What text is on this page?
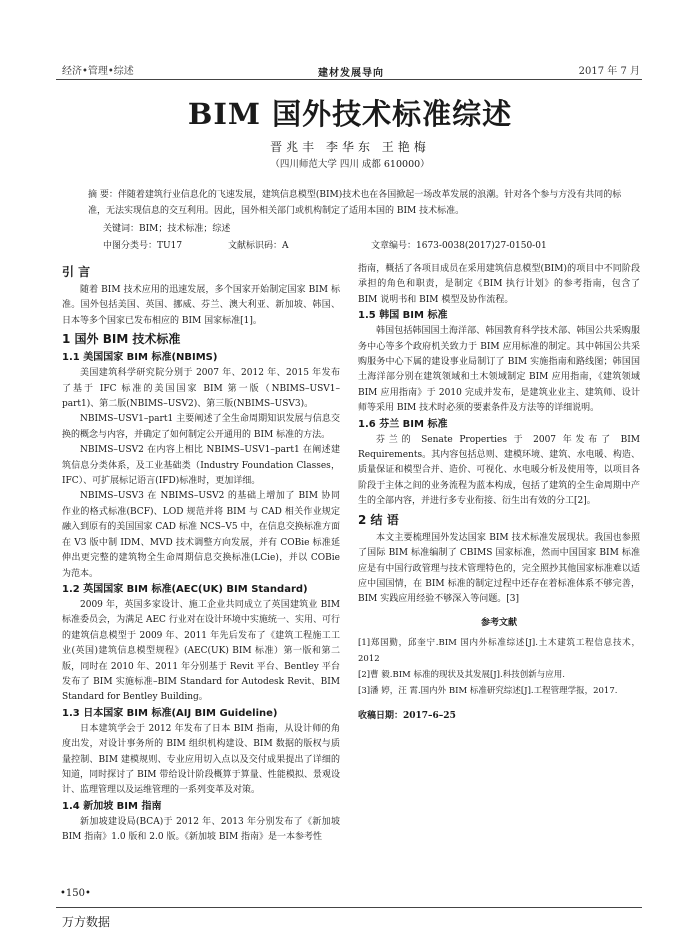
经济•管理•综述	建材发展导向	2017 年 7 月
BIM 国外技术标准综述
晋兆丰 李华东 王艳梅
（四川师范大学 四川 成都 610000）
摘 要：伴随着建筑行业信息化的飞速发展，建筑信息模型(BIM)技术也在各国掀起一场改革发展的浪潮。针对各个参与方没有共同的标准，无法实现信息的交互利用。因此，国外相关部门或机构制定了适用本国的 BIM 技术标准。
关键词：BIM；技术标准；综述
中图分类号：TU17	文献标识码：A	文章编号：1673-0038(2017)27-0150-01
引 言

随着 BIM 技术应用的迅速发展，多个国家开始制定国家 BIM 标准。国外包括美国、英国、挪威、芬兰、澳大利亚、新加坡、韩国、日本等多个国家已发布相应的 BIM 国家标准[1]。

1 国外 BIM 技术标准
1.1 美国国家 BIM 标准(NBIMS)

美国建筑科学研究院分别于 2007 年、2012 年、2015 年发布了基于 IFC 标准的美国国家 BIM 第一版（NBIMS–USV1–part1)、第二版(NBIMS–USV2)、第三版(NBIMS–USV3)。

NBIMS–USV1–part1 主要阐述了全生命周期知识发展与信息交换的概念与内容，并确定了如何制定公开通用的 BIM 标准的方法。

NBIMS–USV2 在内容上相比 NBIMS–USV1–part1 在阐述建筑信息分类体系，及工业基础类（Industry Foundation Classes，IFC）、可扩展标记语言(IFD)标准时，更加详细。

NBIMS–USV3 在 NBIMS–USV2 的基础上增加了 BIM 协同作业的格式标准(BCF)、LOD 规范并将 BIM 与 CAD 相关作业规定融入到原有的美国国家 CAD 标准 NCS–V5 中，在信息交换标准方面在 V3 版中制 IDM、MVD 技术调整方向发展，并有 COBie 标准延伸出更完整的建筑物全生命周期信息交换标准(LCie)，并以 COBie 为范本。

1.2 英国国家 BIM 标准(AEC(UK) BIM Standard)

2009 年，英国多家设计、施工企业共同成立了英国建筑业 BIM 标准委员会，为满足 AEC 行业对在设计环境中实施统一、实用、可行的建筑信息模型于 2009 年、2011 年先后发布了《建筑工程施工工业(英国)建筑信息模型规程》(AEC(UK) BIM 标准）第一版和第二版，同时在 2010 年、2011 年分别基于 Revit 平台、Bentley 平台发布了 BIM 实施标准–BIM Standard for Autodesk Revit、BIM Standard for Bentley Building。

1.3 日本国家 BIM 标准(AIJ BIM Guideline)

日本建筑学会于 2012 年发布了日本 BIM 指南，从设计师的角度出发，对设计事务所的 BIM 组织机构建设、BIM 数据的版权与质量控制、BIM 建模规则、专业应用切入点以及交付成果提出了详细的知道，同时探讨了 BIM 带给设计阶段概算于算量、性能模拟、景观设计、监理管理以及运维管理的一系列变革及对策。

1.4 新加坡 BIM 指南

新加坡建设局(BCA)于 2012 年、2013 年分别发布了《新加坡 BIM 指南》1.0 版和 2.0 版。《新加坡 BIM 指南》是一本参考性

指南，概括了各项目成员在采用建筑信息模型(BIM)的项目中不同阶段承担的角色和职责，是制定《BIM 执行计划》的参考指南，包含了 BIM 说明书和 BIM 模型及协作流程。

1.5 韩国 BIM 标准

韩国包括韩国国土海洋部、韩国教育科学技术部、韩国公共采购服务中心等多个政府机关致力于 BIM 应用标准的制定。其中韩国公共采购服务中心下属的建设事业局制订了 BIM 实施指南和路线图；韩国国土海洋部分别在建筑领域和土木领域制定 BIM 应用指南，《建筑领域 BIM 应用指南》于 2010 完成并发布，是建筑业业主、建筑师、设计师等采用 BIM 技术时必须的要素条件及方法等的详细说明。

1.6 芬兰 BIM 标准

芬兰的 Senate Properties 于 2007 年发布了 BIM Requirements。其内容包括总则、建模环境、建筑、水电暖、构造、质量保证和模型合并、造价、可视化、水电暖分析及使用等，以项目各阶段于主体之间的业务流程为蓝本构成，包括了建筑的全生命周期中产生的全部内容，并进行多专业衔接、衍生出有效的分工[2]。

2 结 语

本文主要梳理国外发达国家 BIM 技术标准发展现状。我国也参照了国际 BIM 标准编制了 CBIMS 国家标准，然而中国国家 BIM 标准应是有中国行政管理与技术管理特色的，完全照抄其他国家标准难以适应中国国情，在 BIM 标准的制定过程中还存在着标准体系不够完善，BIM 实践应用经验不够深入等问题。[3]

参考文献
[1]郑国勤，邱奎宁.BIM 国内外标准综述[J].土木建筑工程信息技术，2012
[2]曹 毅.BIM 标准的现状及其发展[J].科技创新与应用.
[3]潘 婷，汪 霄.国内外 BIM 标准研究综述[J].工程管理学报，2017.
收稿日期：2017–6–25
•150•
万方数据
